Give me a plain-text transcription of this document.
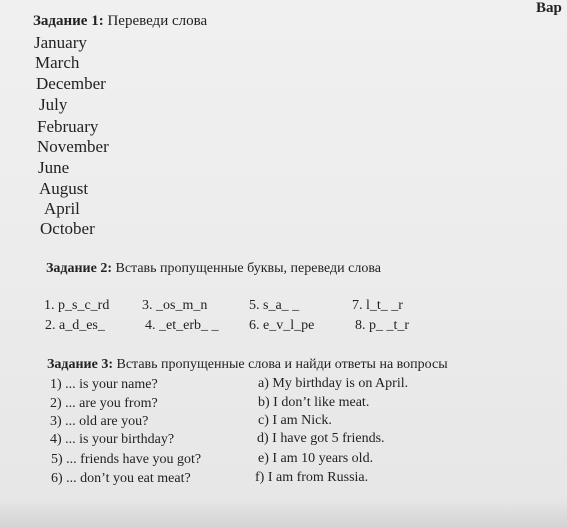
Вар
Задание 1: Переведи слова
January
March
December
July
February
November
June
August
April
October
Задание 2: Вставь пропущенные буквы, переведи слова
1. p_s_c_rd 3. _os_m_n	5. s_a_ _	7. l_t_ _r
2. a_d_es_	4. _et_erb_ _ 6. e_v_l_pe	8. p_ _t_r
Задание 3: Вставь пропущенные слова и найди ответы на вопросы
1) ... is your name?
2) ... are you from?
3) ... old are you?
4) ... is your birthday?
5) ... friends have you got?
6) ... don’t you eat meat?
a) My birthday is on April.
b) I don’t like meat.
c) I am Nick.
d) I have got 5 friends.
e) I am 10 years old.
f) I am from Russia.
